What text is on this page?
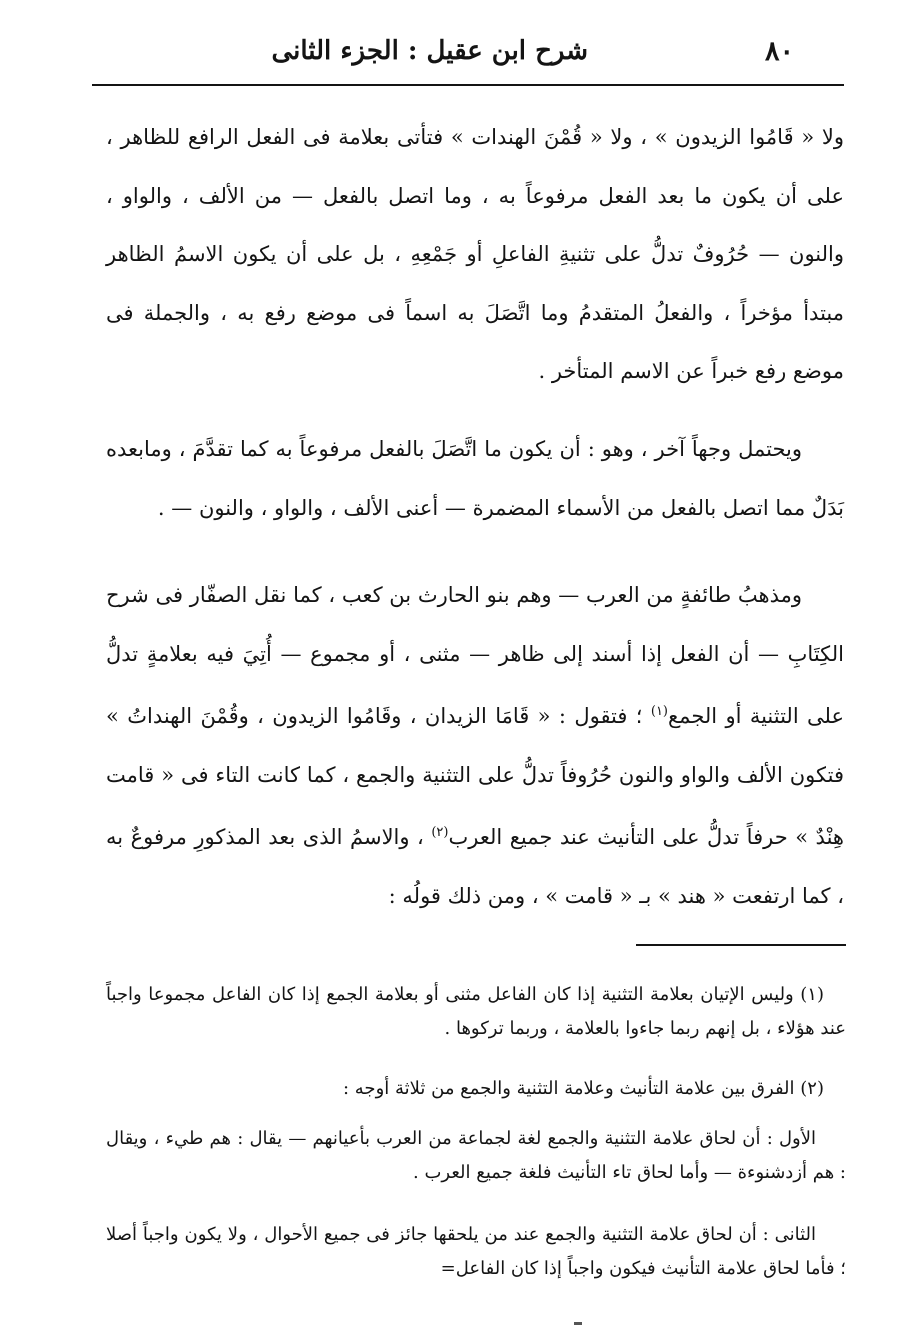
٨٠
شرح ابن عقيل : الجزء الثانى

ولا « قَامُوا الزيدون » ، ولا « قُمْنَ الهندات » فتأتى بعلامة فى الفعل الرافع للظاهر ، على أن يكون ما بعد الفعل مرفوعاً به ، وما اتصل بالفعل — من الألف ، والواو ، والنون — حُرُوفٌ تدلُّ على تثنيةِ الفاعلِ أو جَمْعِهِ ، بل على أن يكون الاسمُ الظاهر مبتدأ مؤخراً ، والفعلُ المتقدمُ وما اتَّصَلَ به اسماً فى موضع رفع به ، والجملة فى موضع رفع خبراً عن الاسم المتأخر .

ويحتمل وجهاً آخر ، وهو : أن يكون ما اتَّصَلَ بالفعل مرفوعاً به كما تقدَّمَ ، ومابعده بَدَلٌ مما اتصل بالفعل من الأسماء المضمرة — أعنى الألف ، والواو ، والنون — .

ومذهبُ طائفةٍ من العرب — وهم بنو الحارث بن كعب ، كما نقل الصفّار فى شرح الكِتَابِ — أن الفعل إذا أسند إلى ظاهر — مثنى ، أو مجموع — أُتِيَ فيه بعلامةٍ تدلُّ على التثنية أو الجمع$^{(١)}$ ؛ فتقول : « قَامَا الزيدان ، وقَامُوا الزيدون ، وقُمْنَ الهنداتُ » فتكون الألف والواو والنون حُرُوفاً تدلُّ على التثنية والجمع ، كما كانت التاء فى « قامت هِنْدٌ » حرفاً تدلُّ على التأنيث عند جميع العرب$^{(٢)}$ ، والاسمُ الذى بعد المذكورِ مرفوعٌ به ، كما ارتفعت « هند » بـ « قامت » ، ومن ذلك قولُه :

(١) وليس الإتيان بعلامة التثنية إذا كان الفاعل مثنى أو بعلامة الجمع إذا كان الفاعل مجموعا واجباً عند هؤلاء ، بل إنهم ربما جاءوا بالعلامة ، وربما تركوها .

(٢) الفرق بين علامة التأنيث وعلامة التثنية والجمع من ثلاثة أوجه :

الأول : أن لحاق علامة التثنية والجمع لغة لجماعة من العرب بأعيانهم — يقال : هم طيء ، ويقال : هم أزدشنوءة — وأما لحاق تاء التأنيث فلغة جميع العرب .

الثانى : أن لحاق علامة التثنية والجمع عند من يلحقها جائز فى جميع الأحوال ، ولا يكون واجباً أصلا ؛ فأما لحاق علامة التأنيث فيكون واجباً إذا كان الفاعل=
